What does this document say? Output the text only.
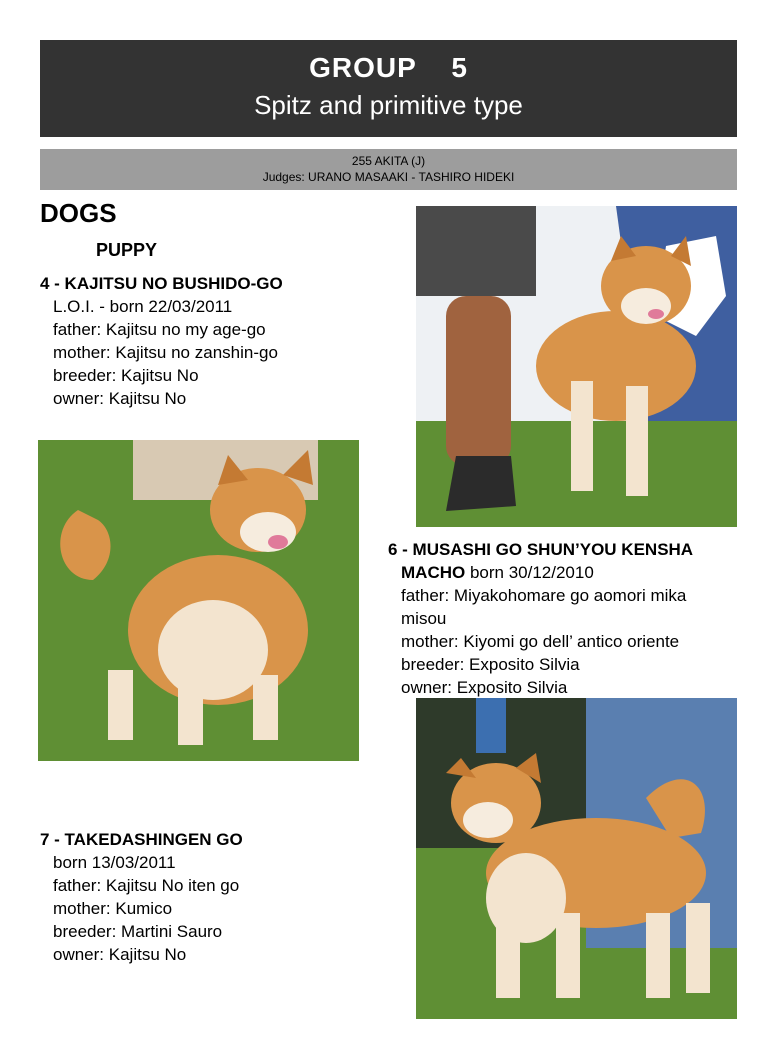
GROUP    5
Spitz and primitive type
255 AKITA (J)
Judges: URANO MASAAKI - TASHIRO HIDEKI
DOGS
PUPPY
4 - KAJITSU NO BUSHIDO-GO
L.O.I. - born 22/03/2011
father: Kajitsu no my age-go
mother: Kajitsu no zanshin-go
breeder: Kajitsu No
owner: Kajitsu No
6 - MUSASHI GO SHUN’YOU KENSHA
MACHO born 30/12/2010
father: Miyakohomare go aomori mika
misou
mother: Kiyomi go dell’ antico oriente
breeder: Exposito Silvia
owner: Exposito Silvia
7 - TAKEDASHINGEN GO
born 13/03/2011
father: Kajitsu No iten go
mother: Kumico
breeder: Martini Sauro
owner: Kajitsu No
